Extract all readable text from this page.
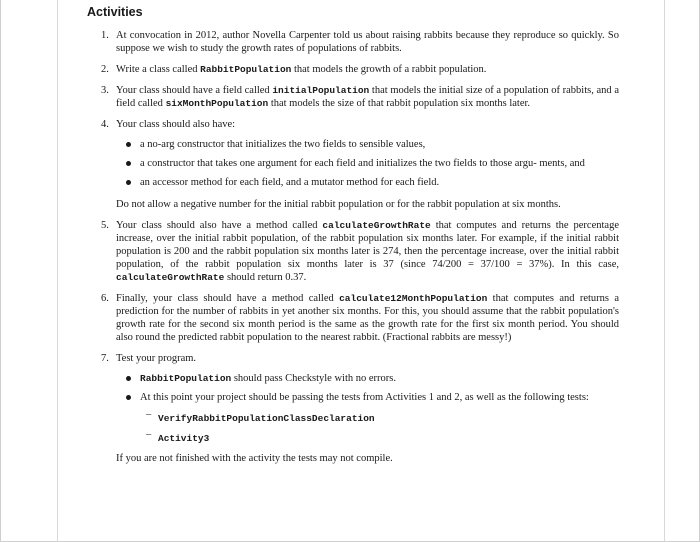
Activities
1. At convocation in 2012, author Novella Carpenter told us about raising rabbits because they reproduce so quickly. So suppose we wish to study the growth rates of populations of rabbits.

2. Write a class called RabbitPopulation that models the growth of a rabbit population.

3. Your class should have a field called initialPopulation that models the initial size of a population of rabbits, and a field called sixMonthPopulation that models the size of that rabbit population six months later.

4. Your class should also have:

a no-arg constructor that initializes the two fields to sensible values,

a constructor that takes one argument for each field and initializes the two fields to those argu- ments, and

an accessor method for each field, and a mutator method for each field.

Do not allow a negative number for the initial rabbit population or for the rabbit population at six months.

5. Your class should also have a method called calculateGrowthRate that computes and returns the percentage increase, over the initial rabbit population, of the rabbit population six months later. For example, if the initial rabbit population is 200 and the rabbit population six months later is 274, then the percentage increase, over the initial rabbit population, of the rabbit population six months later is 37 (since 74/200 = 37/100 = 37%). In this case, calculateGrowthRate should return 0.37.

6. Finally, your class should have a method called calculate12MonthPopulation that computes and returns a prediction for the number of rabbits in yet another six months. For this, you should assume that the rabbit population's growth rate for the second six month period is the same as the growth rate for the first six month period. You should also round the predicted rabbit population to the nearest rabbit. (Fractional rabbits are messy!)

7. Test your program.

RabbitPopulation should pass Checkstyle with no errors.

At this point your project should be passing the tests from Activities 1 and 2, as well as the following tests:

– VerifyRabbitPopulationClassDeclaration
– Activity3

If you are not finished with the activity the tests may not compile.
